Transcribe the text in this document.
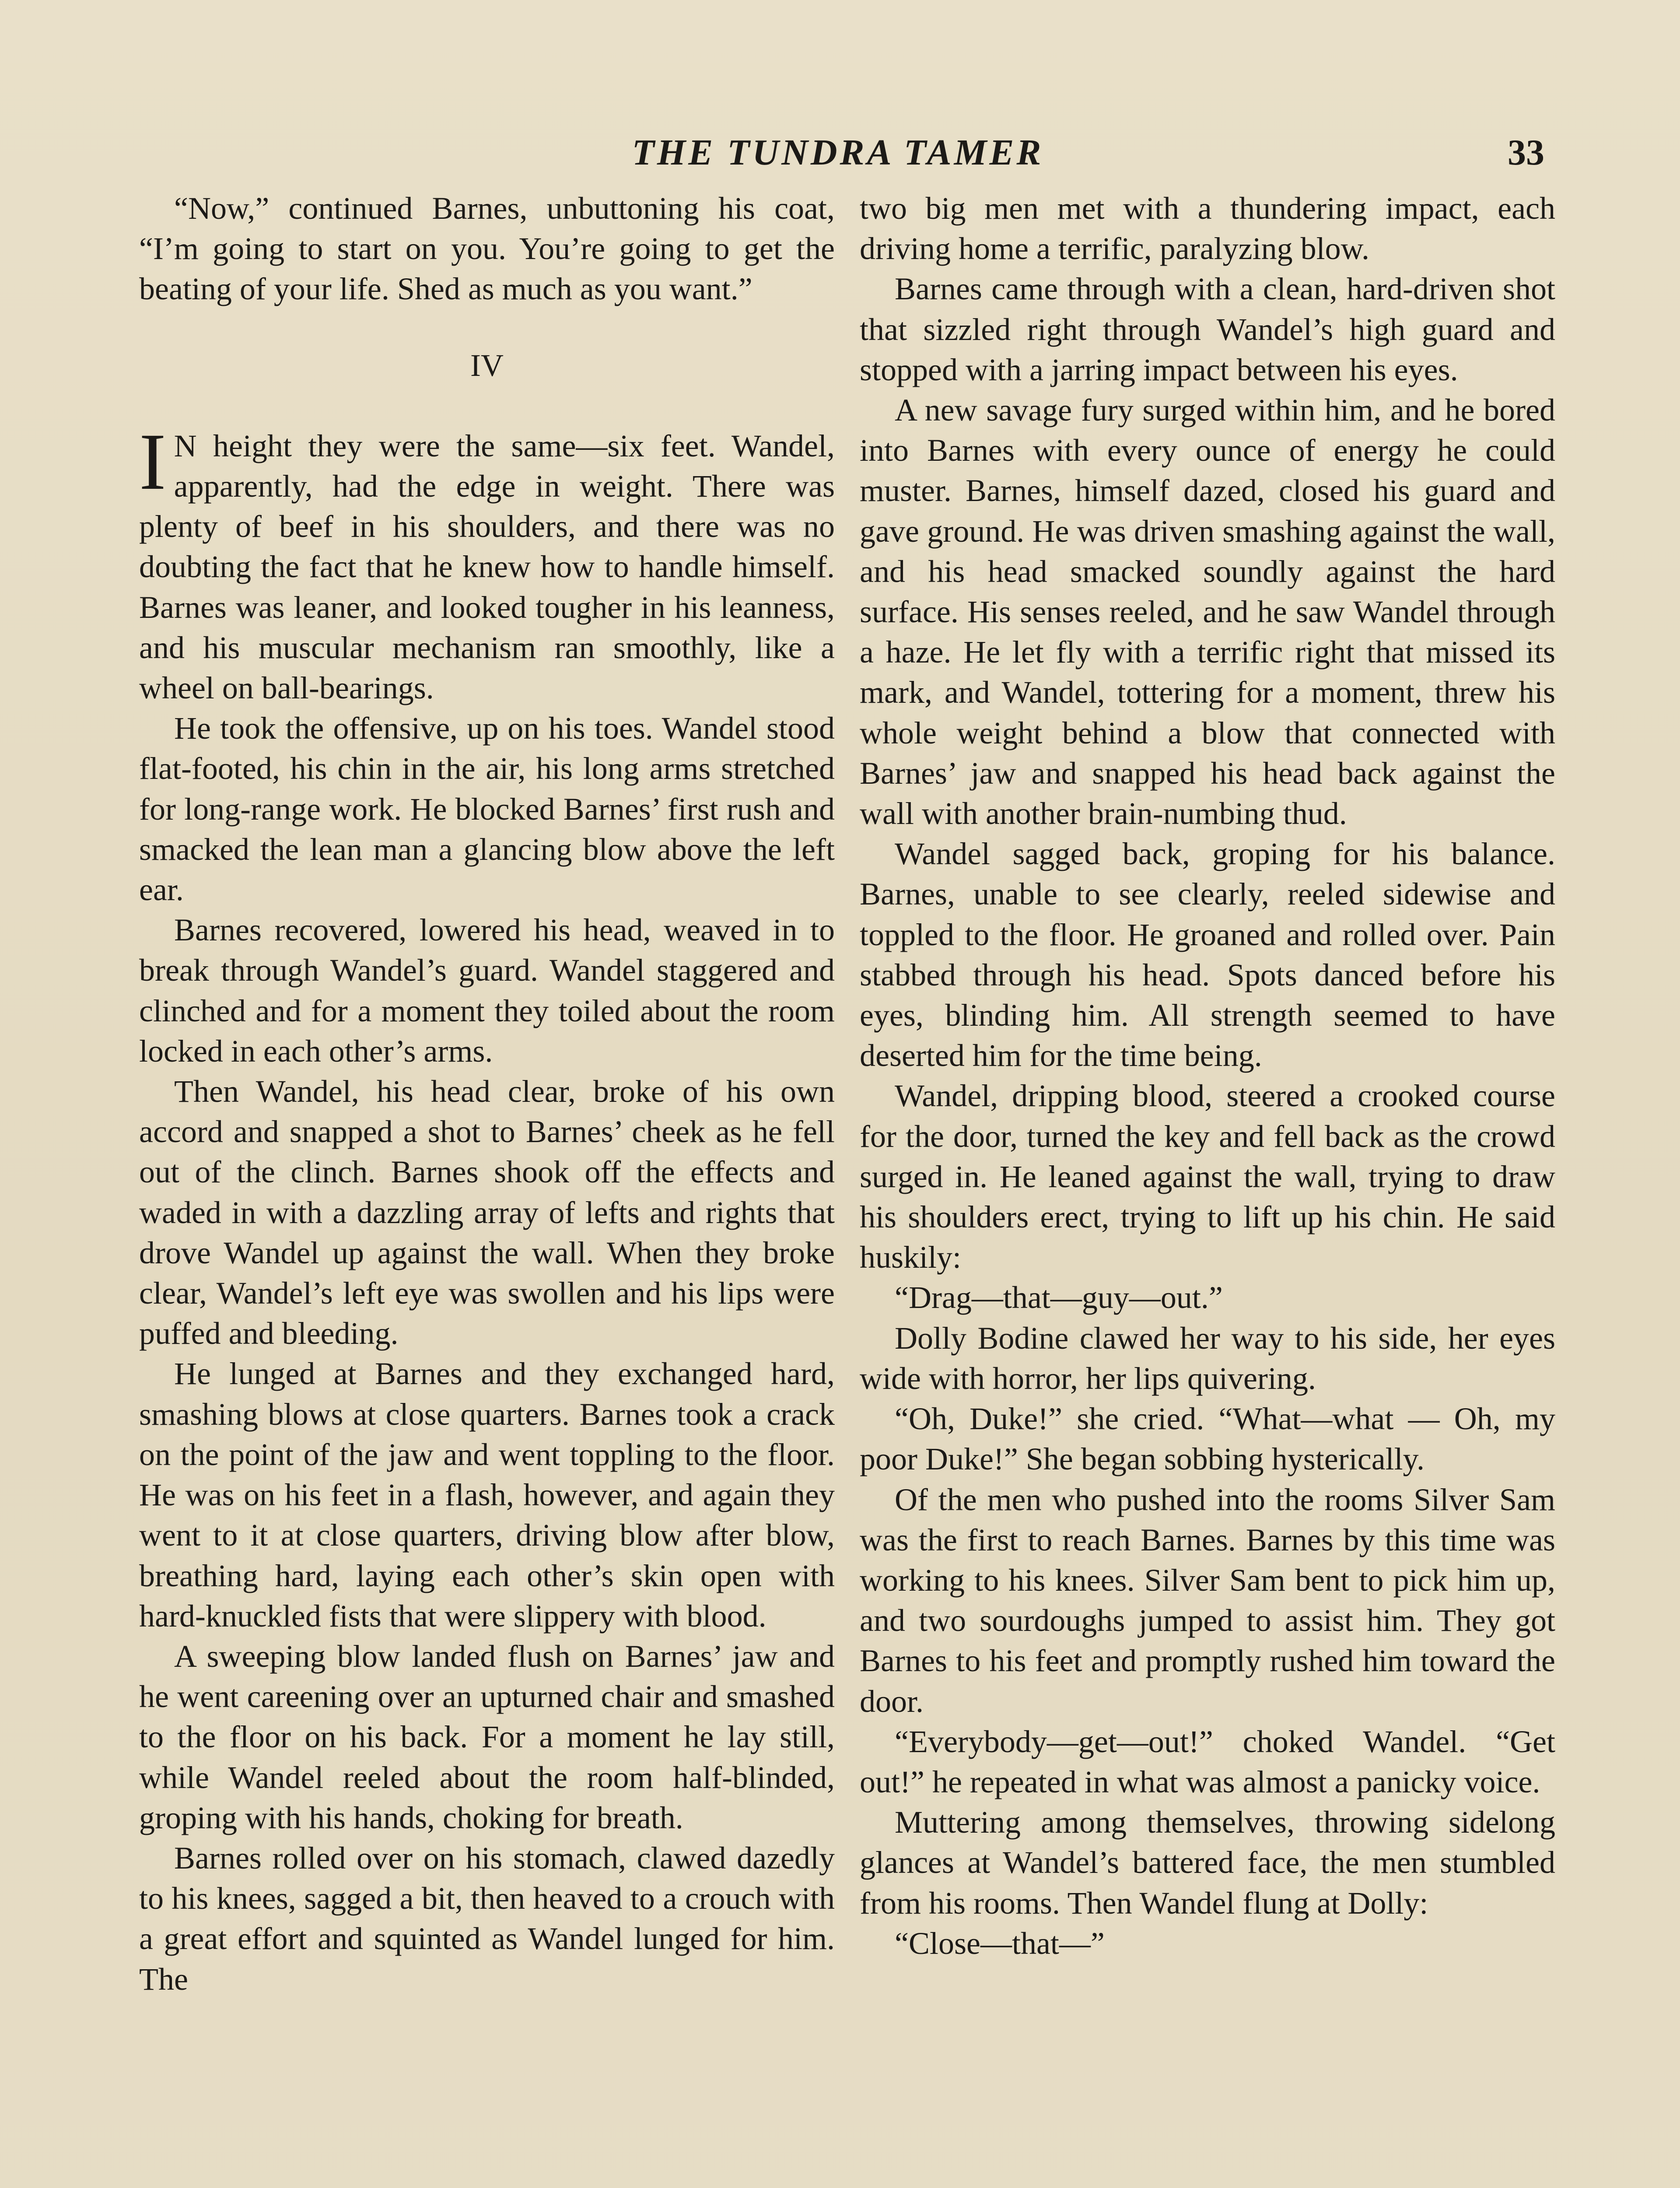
THE TUNDRA TAMER	33

“Now,” continued Barnes, unbuttoning his coat, “I’m going to start on you. You’re going to get the beating of your life. Shed as much as you want.”

IV

I N height they were the same—six feet. Wandel, apparently, had the edge in weight. There was plenty of beef in his shoulders, and there was no doubting the fact that he knew how to handle himself. Barnes was leaner, and looked tougher in his leanness, and his muscular mechanism ran smoothly, like a wheel on ball-bearings.

He took the offensive, up on his toes. Wandel stood flat-footed, his chin in the air, his long arms stretched for long-range work. He blocked Barnes’ first rush and smacked the lean man a glancing blow above the left ear.

Barnes recovered, lowered his head, weaved in to break through Wandel’s guard. Wandel staggered and clinched and for a moment they toiled about the room locked in each other’s arms.

Then Wandel, his head clear, broke of his own accord and snapped a shot to Barnes’ cheek as he fell out of the clinch. Barnes shook off the effects and waded in with a dazzling array of lefts and rights that drove Wandel up against the wall. When they broke clear, Wandel’s left eye was swollen and his lips were puffed and bleeding.

He lunged at Barnes and they exchanged hard, smashing blows at close quarters. Barnes took a crack on the point of the jaw and went toppling to the floor. He was on his feet in a flash, however, and again they went to it at close quarters, driving blow after blow, breathing hard, laying each other’s skin open with hard-knuckled fists that were slippery with blood.

A sweeping blow landed flush on Barnes’ jaw and he went careening over an upturned chair and smashed to the floor on his back. For a moment he lay still, while Wandel reeled about the room half-blinded, groping with his hands, choking for breath.

Barnes rolled over on his stomach, clawed dazedly to his knees, sagged a bit, then heaved to a crouch with a great effort and squinted as Wandel lunged for him. The

two big men met with a thundering impact, each driving home a terrific, paralyzing blow.

Barnes came through with a clean, hard-driven shot that sizzled right through Wandel’s high guard and stopped with a jarring impact between his eyes.

A new savage fury surged within him, and he bored into Barnes with every ounce of energy he could muster. Barnes, himself dazed, closed his guard and gave ground. He was driven smashing against the wall, and his head smacked soundly against the hard surface. His senses reeled, and he saw Wandel through a haze. He let fly with a terrific right that missed its mark, and Wandel, tottering for a moment, threw his whole weight behind a blow that connected with Barnes’ jaw and snapped his head back against the wall with another brain-numbing thud.

Wandel sagged back, groping for his balance. Barnes, unable to see clearly, reeled sidewise and toppled to the floor. He groaned and rolled over. Pain stabbed through his head. Spots danced before his eyes, blinding him. All strength seemed to have deserted him for the time being.

Wandel, dripping blood, steered a crooked course for the door, turned the key and fell back as the crowd surged in. He leaned against the wall, trying to draw his shoulders erect, trying to lift up his chin. He said huskily:

“Drag—that—guy—out.”

Dolly Bodine clawed her way to his side, her eyes wide with horror, her lips quivering.

“Oh, Duke!” she cried. “What—what — Oh, my poor Duke!” She began sobbing hysterically.

Of the men who pushed into the rooms Silver Sam was the first to reach Barnes. Barnes by this time was working to his knees. Silver Sam bent to pick him up, and two sourdoughs jumped to assist him. They got Barnes to his feet and promptly rushed him toward the door.

“Everybody—get—out!” choked Wandel. “Get out!” he repeated in what was almost a panicky voice.

Muttering among themselves, throwing sidelong glances at Wandel’s battered face, the men stumbled from his rooms. Then Wandel flung at Dolly:

“Close—that—”
